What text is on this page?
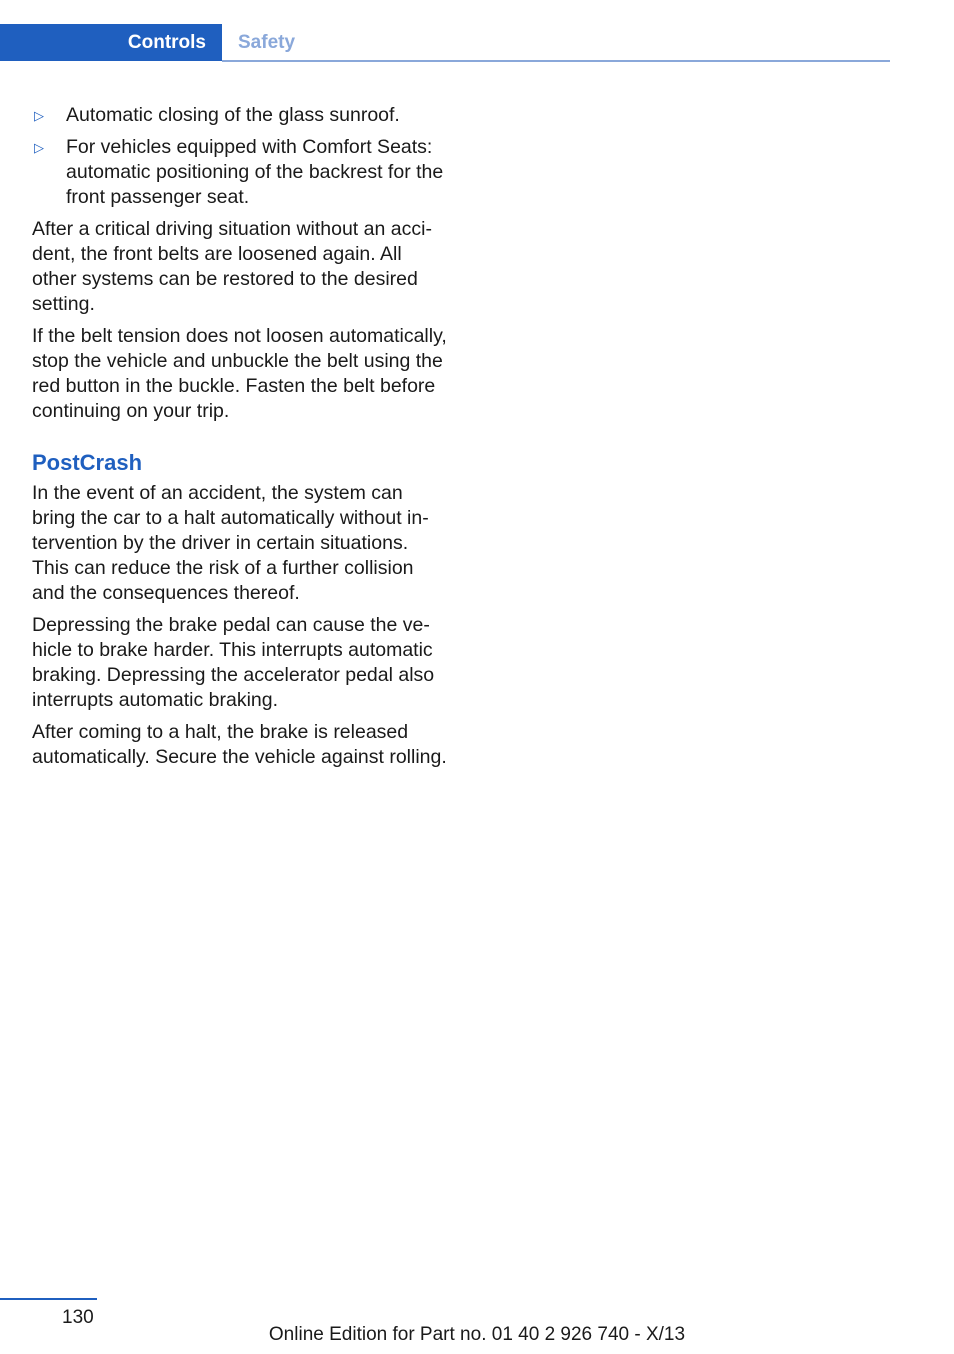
Controls Safety
▷ Automatic closing of the glass sunroof.
▷ For vehicles equipped with Comfort Seats: automatic positioning of the backrest for the front passenger seat.

After a critical driving situation without an accident, the front belts are loosened again. All other systems can be restored to the desired setting.

If the belt tension does not loosen automatically, stop the vehicle and unbuckle the belt using the red button in the buckle. Fasten the belt before continuing on your trip.

PostCrash

In the event of an accident, the system can bring the car to a halt automatically without intervention by the driver in certain situations. This can reduce the risk of a further collision and the consequences thereof.

Depressing the brake pedal can cause the vehicle to brake harder. This interrupts automatic braking. Depressing the accelerator pedal also interrupts automatic braking.

After coming to a halt, the brake is released automatically. Secure the vehicle against rolling.

130
Online Edition for Part no. 01 40 2 926 740 - X/13
